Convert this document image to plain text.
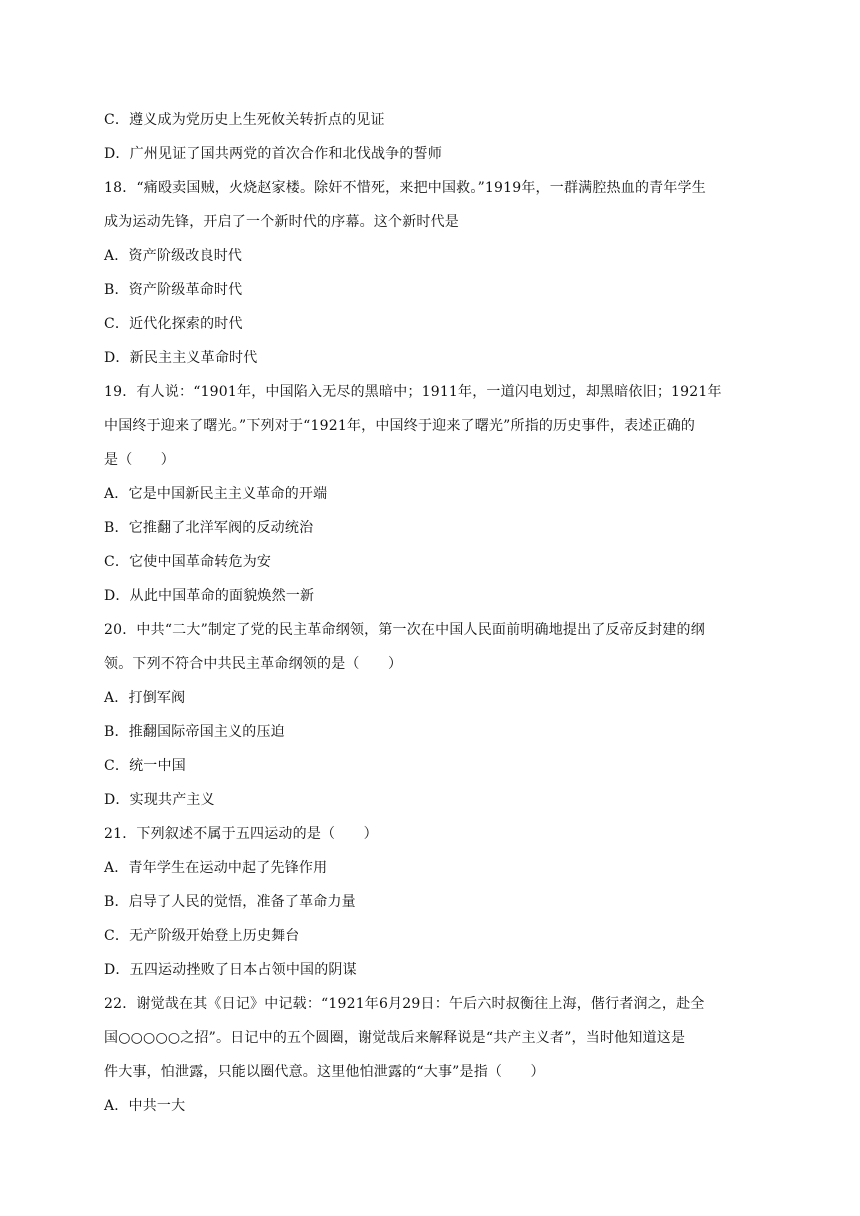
C．遵义成为党历史上生死攸关转折点的见证
D．广州见证了国共两党的首次合作和北伐战争的誓师
18．“痛殴卖国贼，火烧赵家楼。除奸不惜死，来把中国救。”1919年，一群满腔热血的青年学生
成为运动先锋，开启了一个新时代的序幕。这个新时代是
A．资产阶级改良时代
B．资产阶级革命时代
C．近代化探索的时代
D．新民主主义革命时代
19．有人说：“1901年，中国陷入无尽的黑暗中；1911年，一道闪电划过，却黑暗依旧；1921年
中国终于迎来了曙光。”下列对于“1921年，中国终于迎来了曙光”所指的历史事件，表述正确的
是（　　）
A．它是中国新民主主义革命的开端
B．它推翻了北洋军阀的反动统治
C．它使中国革命转危为安
D．从此中国革命的面貌焕然一新
20．中共“二大”制定了党的民主革命纲领，第一次在中国人民面前明确地提出了反帝反封建的纲
领。下列不符合中共民主革命纲领的是（　　）
A．打倒军阀
B．推翻国际帝国主义的压迫
C．统一中国
D．实现共产主义
21．下列叙述不属于五四运动的是（　　）
A．青年学生在运动中起了先锋作用
B．启导了人民的觉悟，准备了革命力量
C．无产阶级开始登上历史舞台
D．五四运动挫败了日本占领中国的阴谋
22．谢觉哉在其《日记》中记载：“1921年6月29日：午后六时叔衡往上海，偕行者润之，赴全
国○○○○○之招”。日记中的五个圆圈，谢觉哉后来解释说是“共产主义者”，当时他知道这是
件大事，怕泄露，只能以圈代意。这里他怕泄露的“大事”是指（　　）
A．中共一大
